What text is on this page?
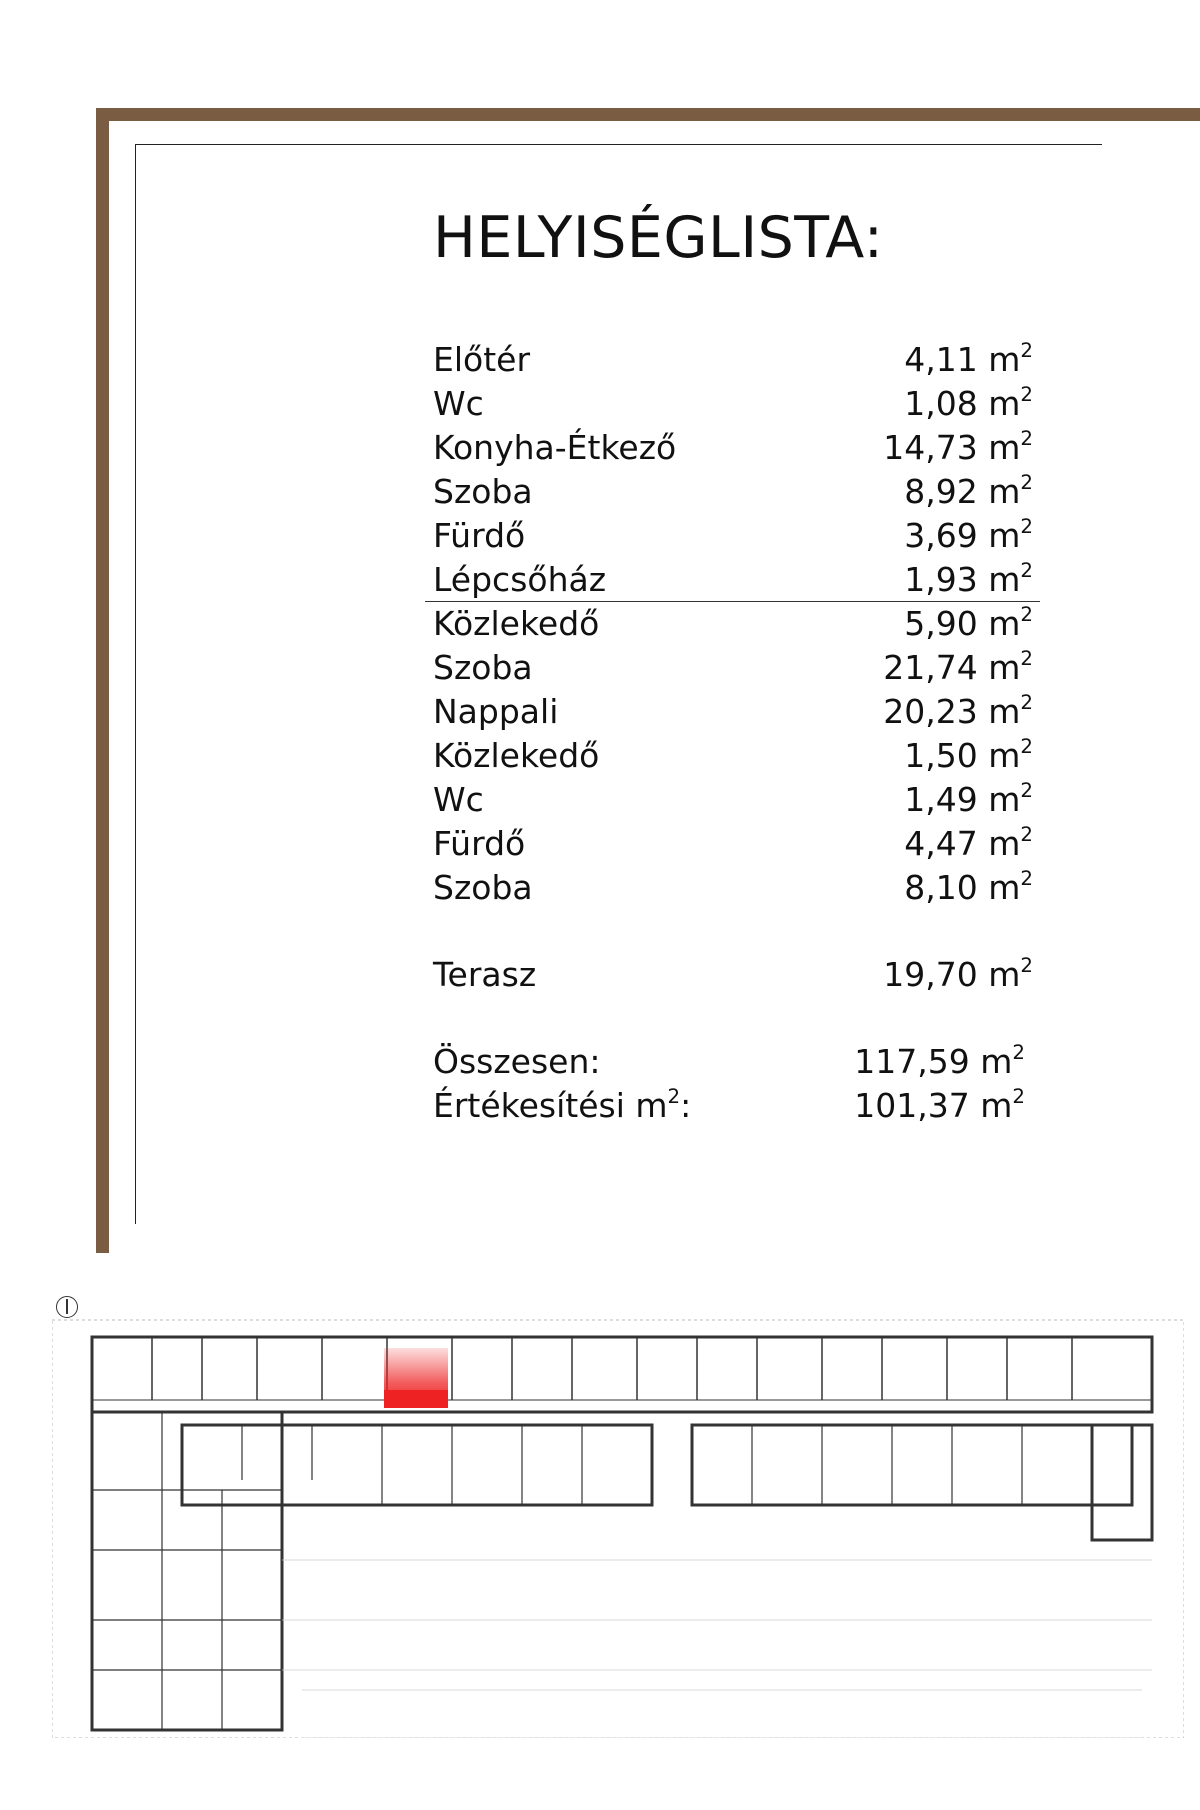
HELYISÉGLISTA:
Előtér	4,11 $m^2$
Wc	1,08 $m^2$
Konyha-Étkező	14,73 $m^2$
Szoba	8,92 $m^2$
Fürdő	3,69 $m^2$
Lépcsőház	1,93 $m^2$
Közlekedő	5,90 $m^2$
Szoba	21,74 $m^2$
Nappali	20,23 $m^2$
Közlekedő	1,50 $m^2$
Wc	1,49 $m^2$
Fürdő	4,47 $m^2$
Szoba	8,10 $m^2$
Terasz	19,70 $m^2$
Összesen:	117,59 $m^2$
Értékesítési $m^2$:	101,37 $m^2$
